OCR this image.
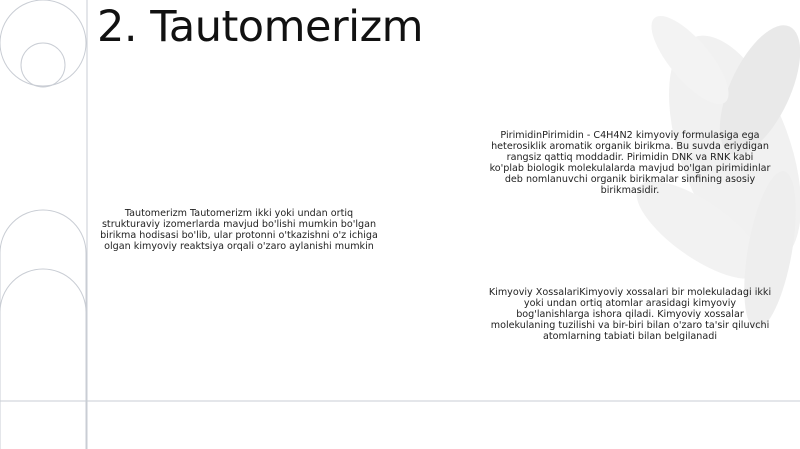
2. Tautomerizm
Tautomerizm Tautomerizm ikki yoki undan ortiq strukturaviy izomerlarda mavjud bo'lishi mumkin bo'lgan birikma hodisasi bo'lib, ular protonni o'tkazishni o'z ichiga olgan kimyoviy reaktsiya orqali o'zaro aylanishi mumkin
PirimidinPirimidin - C4H4N2 kimyoviy formulasiga ega heterosiklik aromatik organik birikma. Bu suvda eriydigan rangsiz qattiq moddadir. Pirimidin DNK va RNK kabi ko'plab biologik molekulalarda mavjud bo'lgan pirimidinlar deb nomlanuvchi organik birikmalar sinfining asosiy birikmasidir.
Kimyoviy XossalariKimyoviy xossalari bir molekuladagi ikki yoki undan ortiq atomlar arasidagi kimyoviy bog'lanishlarga ishora qiladi. Kimyoviy xossalar molekulaning tuzilishi va bir-biri bilan o'zaro ta'sir qiluvchi atomlarning tabiati bilan belgilanadi
